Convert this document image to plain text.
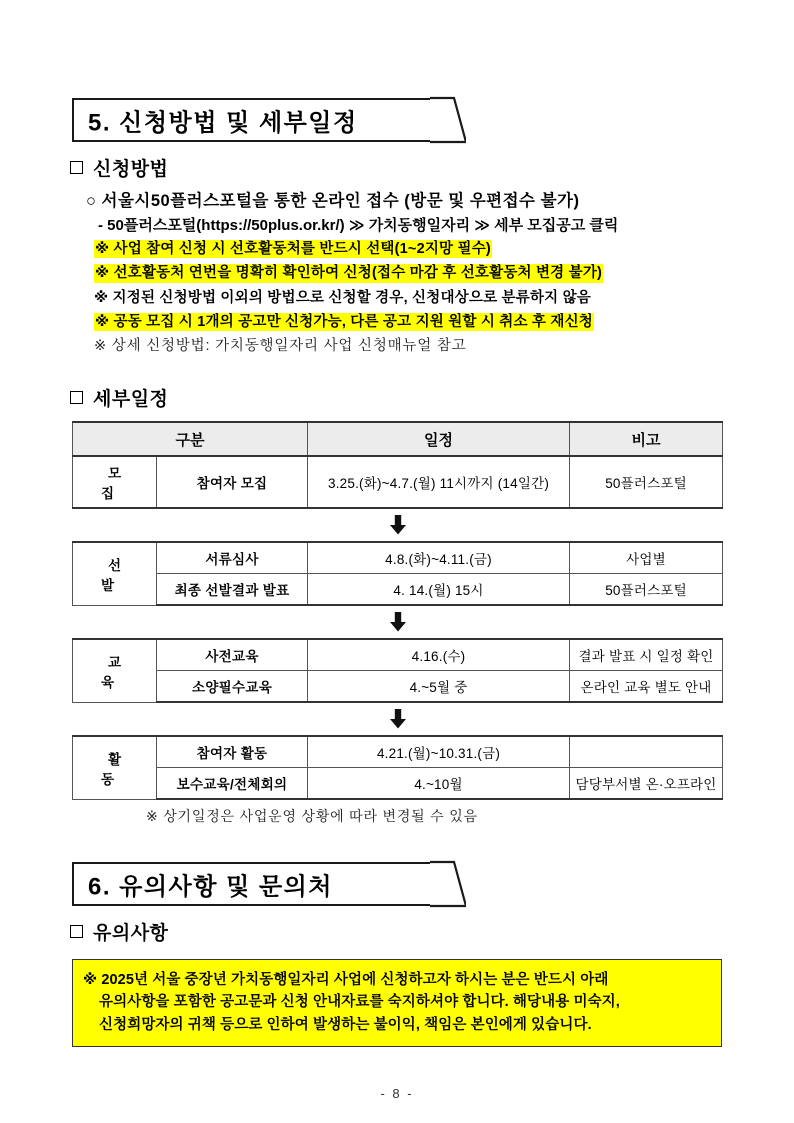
5. 신청방법 및 세부일정
신청방법
○ 서울시50플러스포털을 통한 온라인 접수 (방문 및 우편접수 불가)
- 50플러스포털(https://50plus.or.kr/) ≫ 가치동행일자리 ≫ 세부 모집공고 클릭
※ 사업 참여 신청 시 선호활동처를 반드시 선택(1~2지망 필수)
※ 선호활동처 연번을 명확히 확인하여 신청(접수 마감 후 선호활동처 변경 불가)
※ 지정된 신청방법 이외의 방법으로 신청할 경우, 신청대상으로 분류하지 않음
※ 공동 모집 시 1개의 공고만 신청가능, 다른 공고 지원 원할 시 취소 후 재신청
※ 상세 신청방법: 가치동행일자리 사업 신청매뉴얼 참고
세부일정
구분		일정	비고
모 집	참여자 모집	3.25.(화)~4.7.(월) 11시까지 (14일간)	50플러스포털

선 발	서류심사	4.8.(화)~4.11.(금)	사업별
	최종 선발결과 발표	4. 14.(월) 15시	50플러스포털

교 육	사전교육	4.16.(수)	결과 발표 시 일정 확인
	소양필수교육	4.~5월 중	온라인 교육 별도 안내

활 동	참여자 활동	4.21.(월)~10.31.(금)	
	보수교육/전체회의	4.~10월	담당부서별 온·오프라인
※ 상기일정은 사업운영 상황에 따라 변경될 수 있음
6. 유의사항 및 문의처
유의사항
※ 2025년 서울 중장년 가치동행일자리 사업에 신청하고자 하시는 분은 반드시 아래
유의사항을 포함한 공고문과 신청 안내자료를 숙지하셔야 합니다. 해당내용 미숙지,
신청희망자의 귀책 등으로 인하여 발생하는 불이익, 책임은 본인에게 있습니다.
- 8 -
